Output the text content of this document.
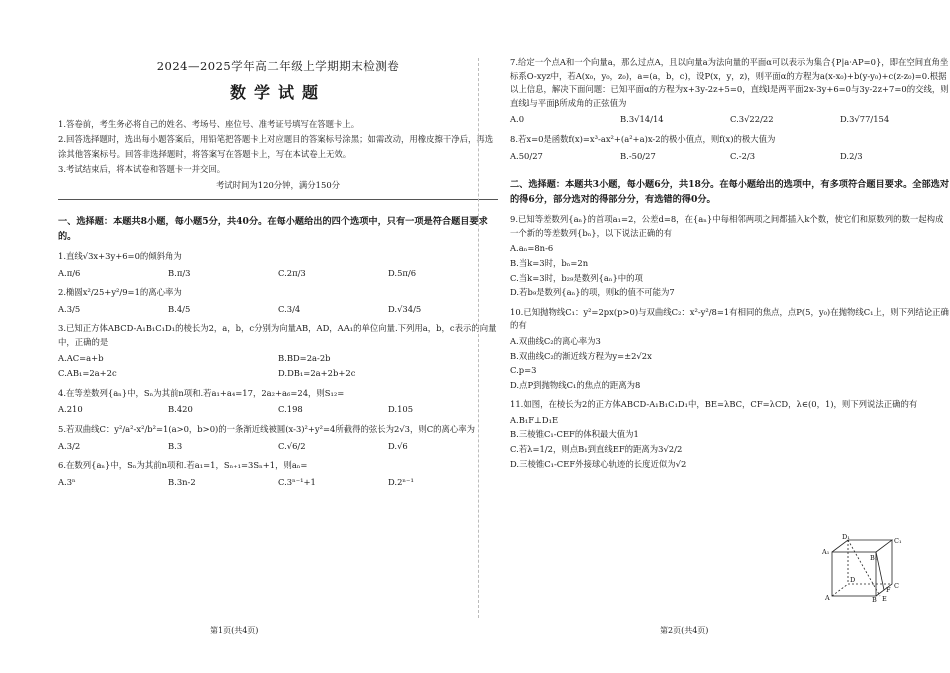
2024—2025学年高二年级上学期期末检测卷
数学试题

1.答卷前，考生务必将自己的姓名、考场号、座位号、准考证号填写在答题卡上。

2.回答选择题时，选出每小题答案后，用铅笔把答题卡上对应题目的答案标号涂黑；如需改动，用橡皮擦干净后，再选涂其他答案标号。回答非选择题时，将答案写在答题卡上，写在本试卷上无效。

3.考试结束后，将本试卷和答题卡一并交回。

考试时间为120分钟，满分150分
一、选择题：本题共8小题，每小题5分，共40分。在每小题给出的四个选项中，只有一项是符合题目要求的。

1.直线√3x+3y+6=0的倾斜角为

A.π/6	B.π/3	C.2π/3	D.5π/6

2.椭圆x²/25+y²/9=1的离心率为

A.3/5	B.4/5	C.3/4	D.√34/5

3.已知正方体ABCD-A₁B₁C₁D₁的棱长为2，a，b，c分别为向量AB，AD，AA₁的单位向量.下列用a，b，c表示的向量中，正确的是

A.AC=a+b	B.BD=2a-2b
C.AB₁=2a+2c	D.DB₁=2a+2b+2c

4.在等差数列{aₙ}中，Sₙ为其前n项和.若a₁+a₄=17，2a₂+a₆=24，则S₁₂=

A.210	B.420	C.198	D.105

5.若双曲线C：y²/a²-x²/b²=1(a>0，b>0)的一条渐近线被圆(x-3)²+y²=4所截得的弦长为2√3，则C的离心率为

A.3/2	B.3	C.√6/2	D.√6

6.在数列{aₙ}中，Sₙ为其前n项和.若a₁=1，Sₙ₊₁=3Sₙ+1，则aₙ=

A.3ⁿ	B.3n-2	C.3ⁿ⁻¹+1	D.2ⁿ⁻¹

7.给定一个点A和一个向量a，那么过点A，且以向量a为法向量的平面α可以表示为集合{P|a·AP=0}，即在空间直角坐标系O-xyz中，若A(x₀，y₀，z₀)，a=(a，b，c)，设P(x，y，z)，则平面α的方程为a(x-x₀)+b(y-y₀)+c(z-z₀)=0.根据以上信息，解决下面问题：已知平面α的方程为x+3y-2z+5=0，直线l是两平面2x-3y+6=0与3y-2z+7=0的交线，则直线l与平面β所成角的正弦值为

A.0	B.3√14/14	C.3√22/22	D.3√77/154

8.若x=0是函数f(x)=x³-ax²+(a²+a)x-2的极小值点，则f(x)的极大值为

A.50/27	B.-50/27	C.-2/3	D.2/3
二、选择题：本题共3小题，每小题6分，共18分。在每小题给出的选项中，有多项符合题目要求。全部选对的得6分，部分选对的得部分分，有选错的得0分。

9.已知等差数列{aₙ}的首项a₁=2，公差d=8，在{aₙ}中每相邻两项之间都插入k个数，使它们和原数列的数一起构成一个新的等差数列{bₙ}，以下说法正确的有

A.aₙ=8n-6
B.当k=3时，bₙ=2n
C.当k=3时，b₂₉是数列{aₙ}中的项
D.若b₉是数列{aₙ}的项，则k的值不可能为7

10.已知抛物线C₁：y²=2px(p>0)与双曲线C₂：x²-y²/8=1有相同的焦点，点P(5，y₀)在抛物线C₁上，则下列结论正确的有

A.双曲线C₂的离心率为3
B.双曲线C₂的渐近线方程为y=±2√2x
C.p=3
D.点P到抛物线C₁的焦点的距离为8

11.如图，在棱长为2的正方体ABCD-A₁B₁C₁D₁中，BE=λBC，CF=λCD，λ∈(0，1)，则下列说法正确的有

A.B₁F⊥D₁E
B.三棱锥C₁-CEF的体积最大值为1
C.若λ=1/2，则点B₁到直线EF的距离为3√2/2
D.三棱锥C₁-CEF外接球心轨迹的长度近似为√2
A₁
B₁
C₁
D₁
A	B
C
D
E
F
第1页(共4页)	第2页(共4页)
